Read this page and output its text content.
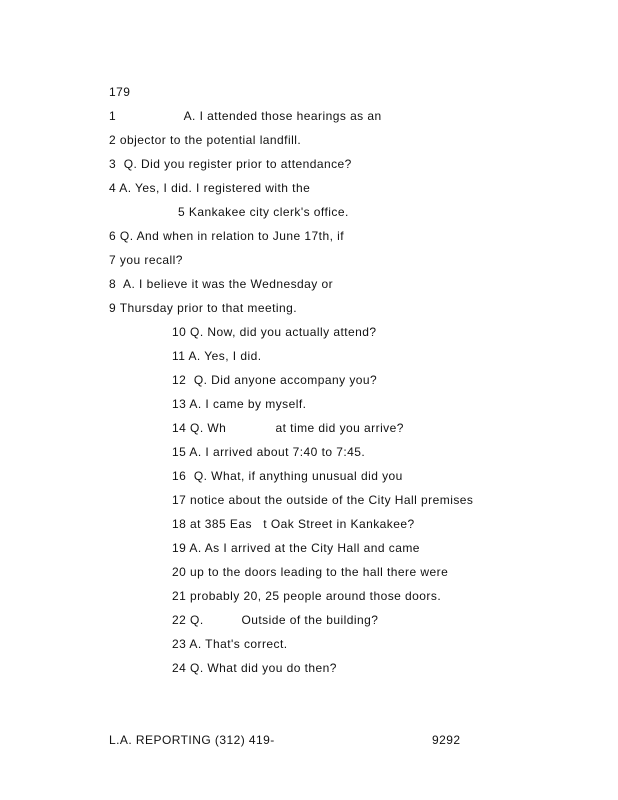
179
1                  A. I attended those hearings as an
2 objector to the potential landfill.
3  Q. Did you register prior to attendance?
4 A. Yes, I did. I registered with the
5 Kankakee city clerk's office.
6 Q. And when in relation to June 17th, if
7 you recall?
8  A. I believe it was the Wednesday or
9 Thursday prior to that meeting.
10 Q. Now, did you actually attend?
11 A. Yes, I did.
12  Q. Did anyone accompany you?
13 A. I came by myself.
14 Q. Wh             at time did you arrive?
15 A. I arrived about 7:40 to 7:45.
16  Q. What, if anything unusual did you
17 notice about the outside of the City Hall premises
18 at 385 Eas   t Oak Street in Kankakee?
19 A. As I arrived at the City Hall and came
20 up to the doors leading to the hall there were
21 probably 20, 25 people around those doors.
22 Q.          Outside of the building?
23 A. That's correct.
24 Q. What did you do then?
L.A. REPORTING (312) 419-	9292
